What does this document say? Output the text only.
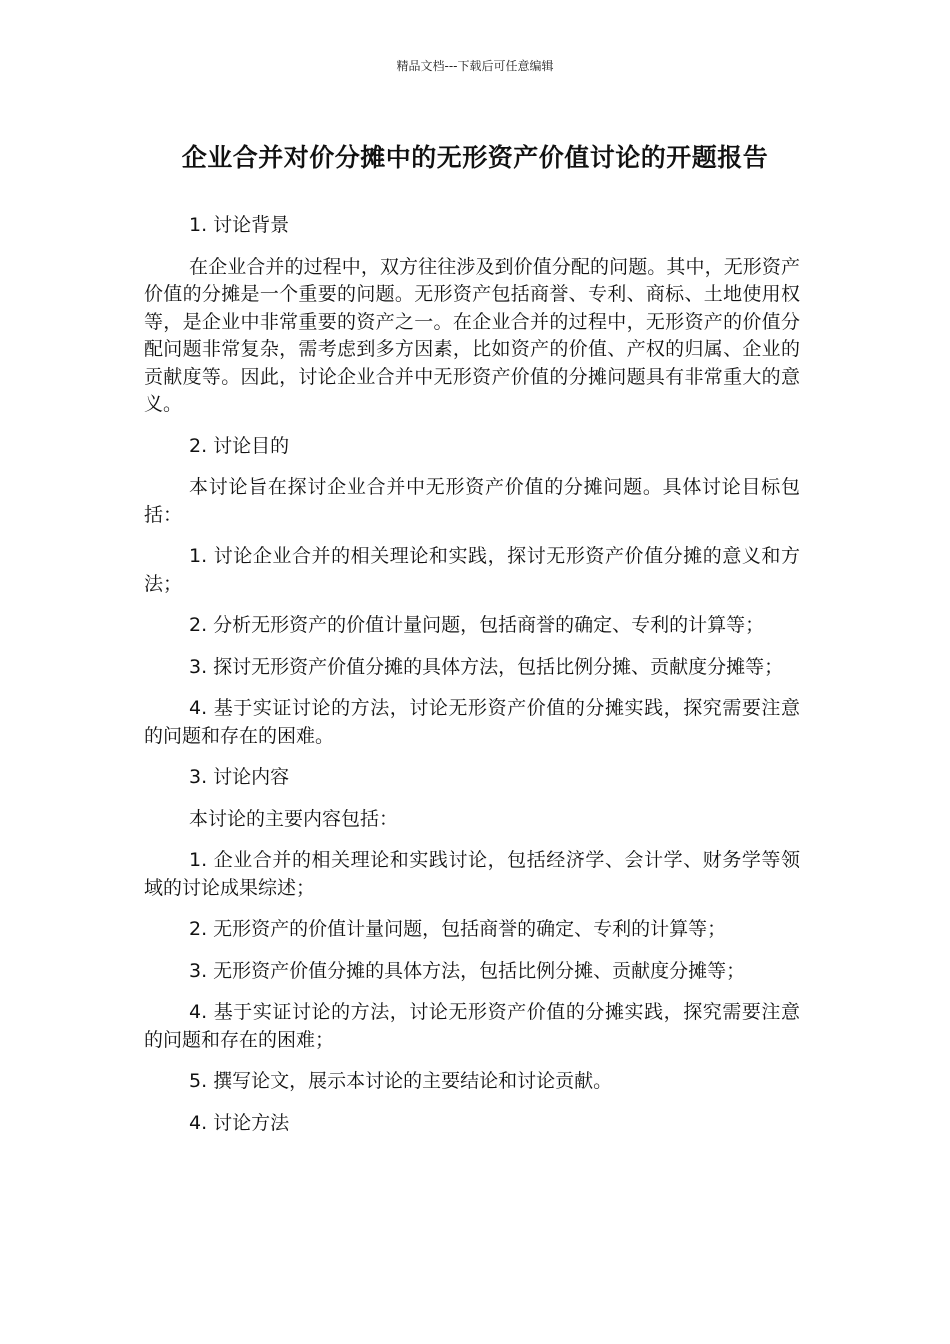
精品文档---下载后可任意编辑
企业合并对价分摊中的无形资产价值讨论的开题报告

1. 讨论背景

在企业合并的过程中，双方往往涉及到价值分配的问题。其中，无形资产价值的分摊是一个重要的问题。无形资产包括商誉、专利、商标、土地使用权等，是企业中非常重要的资产之一。在企业合并的过程中，无形资产的价值分配问题非常复杂，需考虑到多方因素，比如资产的价值、产权的归属、企业的贡献度等。因此，讨论企业合并中无形资产价值的分摊问题具有非常重大的意义。

2. 讨论目的

本讨论旨在探讨企业合并中无形资产价值的分摊问题。具体讨论目标包括：

1. 讨论企业合并的相关理论和实践，探讨无形资产价值分摊的意义和方法；

2. 分析无形资产的价值计量问题，包括商誉的确定、专利的计算等；

3. 探讨无形资产价值分摊的具体方法，包括比例分摊、贡献度分摊等；

4. 基于实证讨论的方法，讨论无形资产价值的分摊实践，探究需要注意的问题和存在的困难。

3. 讨论内容

本讨论的主要内容包括：

1. 企业合并的相关理论和实践讨论，包括经济学、会计学、财务学等领域的讨论成果综述；

2. 无形资产的价值计量问题，包括商誉的确定、专利的计算等；

3. 无形资产价值分摊的具体方法，包括比例分摊、贡献度分摊等；

4. 基于实证讨论的方法，讨论无形资产价值的分摊实践，探究需要注意的问题和存在的困难；

5. 撰写论文，展示本讨论的主要结论和讨论贡献。

4. 讨论方法
